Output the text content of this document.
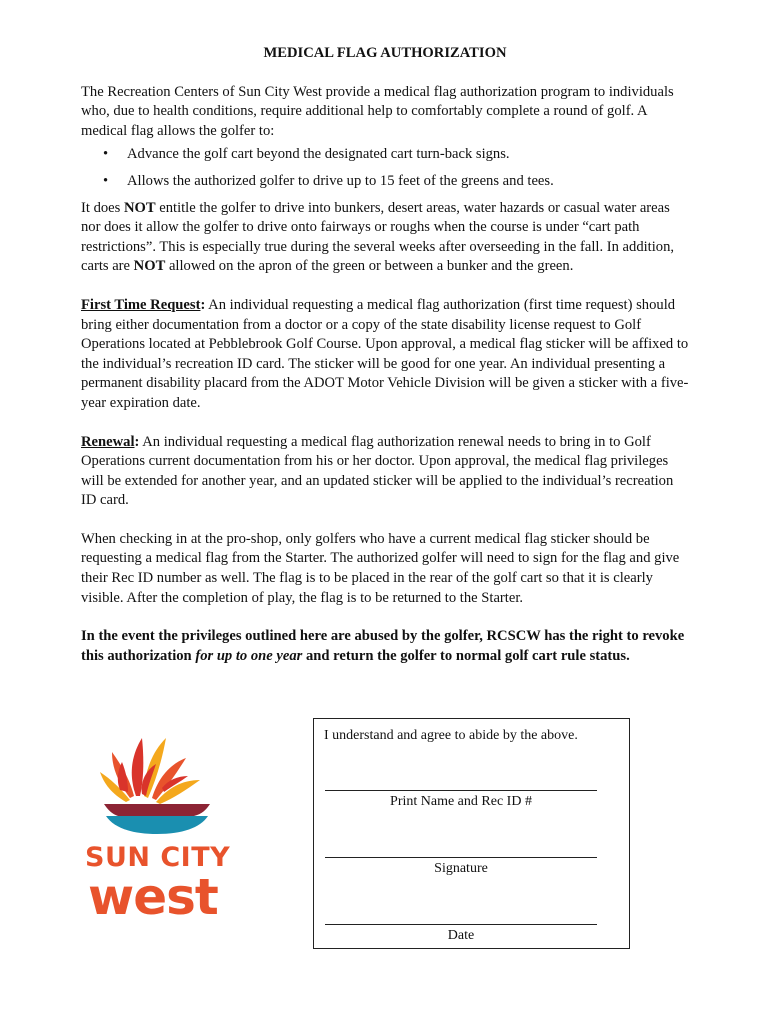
MEDICAL FLAG AUTHORIZATION

The Recreation Centers of Sun City West provide a medical flag authorization program to individuals who, due to health conditions, require additional help to comfortably complete a round of golf. A medical flag allows the golfer to:

• Advance the golf cart beyond the designated cart turn-back signs.
• Allows the authorized golfer to drive up to 15 feet of the greens and tees.

It does NOT entitle the golfer to drive into bunkers, desert areas, water hazards or casual water areas nor does it allow the golfer to drive onto fairways or roughs when the course is under “cart path restrictions”. This is especially true during the several weeks after overseeding in the fall. In addition, carts are NOT allowed on the apron of the green or between a bunker and the green.

First Time Request: An individual requesting a medical flag authorization (first time request) should bring either documentation from a doctor or a copy of the state disability license request to Golf Operations located at Pebblebrook Golf Course. Upon approval, a medical flag sticker will be affixed to the individual’s recreation ID card. The sticker will be good for one year. An individual presenting a permanent disability placard from the ADOT Motor Vehicle Division will be given a sticker with a five-year expiration date.

Renewal: An individual requesting a medical flag authorization renewal needs to bring in to Golf Operations current documentation from his or her doctor. Upon approval, the medical flag privileges will be extended for another year, and an updated sticker will be applied to the individual’s recreation ID card.

When checking in at the pro-shop, only golfers who have a current medical flag sticker should be requesting a medical flag from the Starter. The authorized golfer will need to sign for the flag and give their Rec ID number as well. The flag is to be placed in the rear of the golf cart so that it is clearly visible. After the completion of play, the flag is to be returned to the Starter.

In the event the privileges outlined here are abused by the golfer, RCSCW has the right to revoke this authorization for up to one year and return the golfer to normal golf cart rule status.

SUN CITY
west
I understand and agree to abide by the above.
Print Name and Rec ID #
Signature
Date
